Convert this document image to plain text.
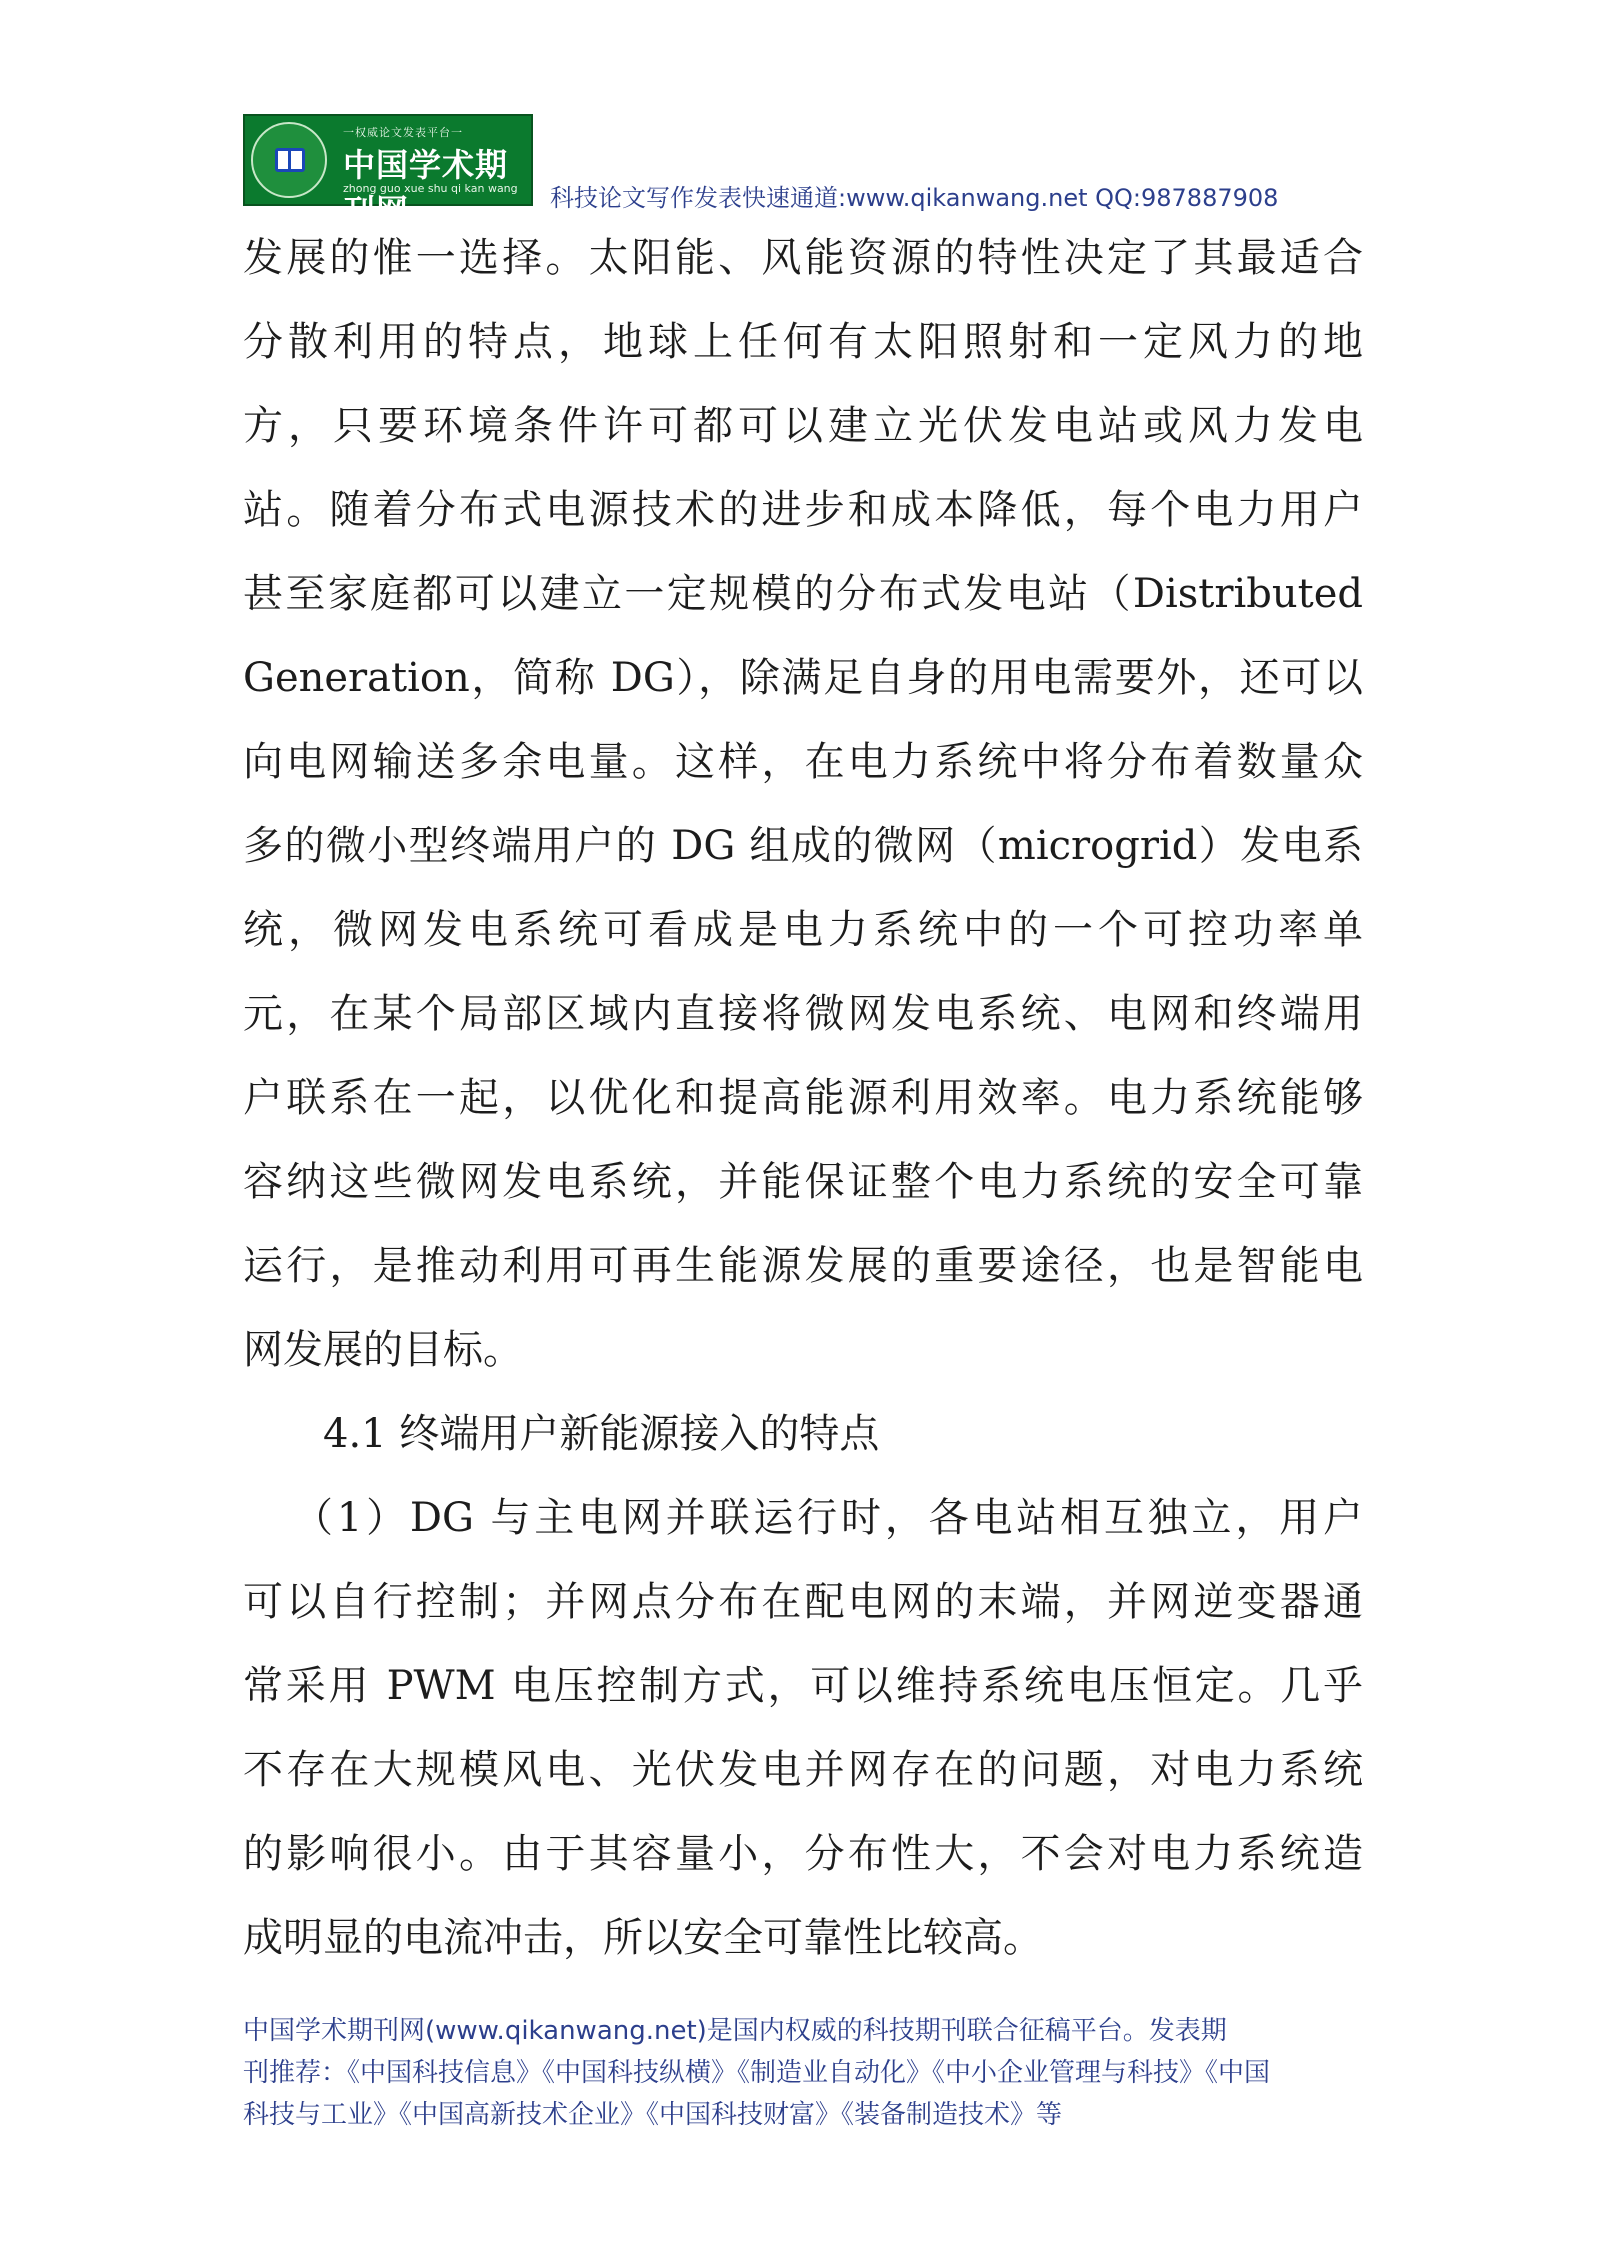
一权威论文发表平台一
中国学术期刊网
zhong guo xue shu qi kan wang 科技论文写作发表快速通道:www.qikanwang.net QQ:987887908
发展的惟一选择。太阳能、风能资源的特性决定了其最适合
分散利用的特点，地球上任何有太阳照射和一定风力的地
方，只要环境条件许可都可以建立光伏发电站或风力发电
站。随着分布式电源技术的进步和成本降低，每个电力用户
甚至家庭都可以建立一定规模的分布式发电站（Distributed
Generation，简称 DG），除满足自身的用电需要外，还可以
向电网输送多余电量。这样，在电力系统中将分布着数量众
多的微小型终端用户的 DG 组成的微网（microgrid）发电系
统，微网发电系统可看成是电力系统中的一个可控功率单
元，在某个局部区域内直接将微网发电系统、电网和终端用
户联系在一起，以优化和提高能源利用效率。电力系统能够
容纳这些微网发电系统，并能保证整个电力系统的安全可靠
运行，是推动利用可再生能源发展的重要途径，也是智能电
网发展的目标。
4.1 终端用户新能源接入的特点
（1）DG 与主电网并联运行时，各电站相互独立，用户
可以自行控制；并网点分布在配电网的末端，并网逆变器通
常采用 PWM 电压控制方式，可以维持系统电压恒定。几乎
不存在大规模风电、光伏发电并网存在的问题，对电力系统
的影响很小。由于其容量小，分布性大，不会对电力系统造
成明显的电流冲击，所以安全可靠性比较高。
中国学术期刊网(www.qikanwang.net)是国内权威的科技期刊联合征稿平台。发表期
刊推荐：《中国科技信息》《中国科技纵横》《制造业自动化》《中小企业管理与科技》《中国
科技与工业》《中国高新技术企业》《中国科技财富》《装备制造技术》等
